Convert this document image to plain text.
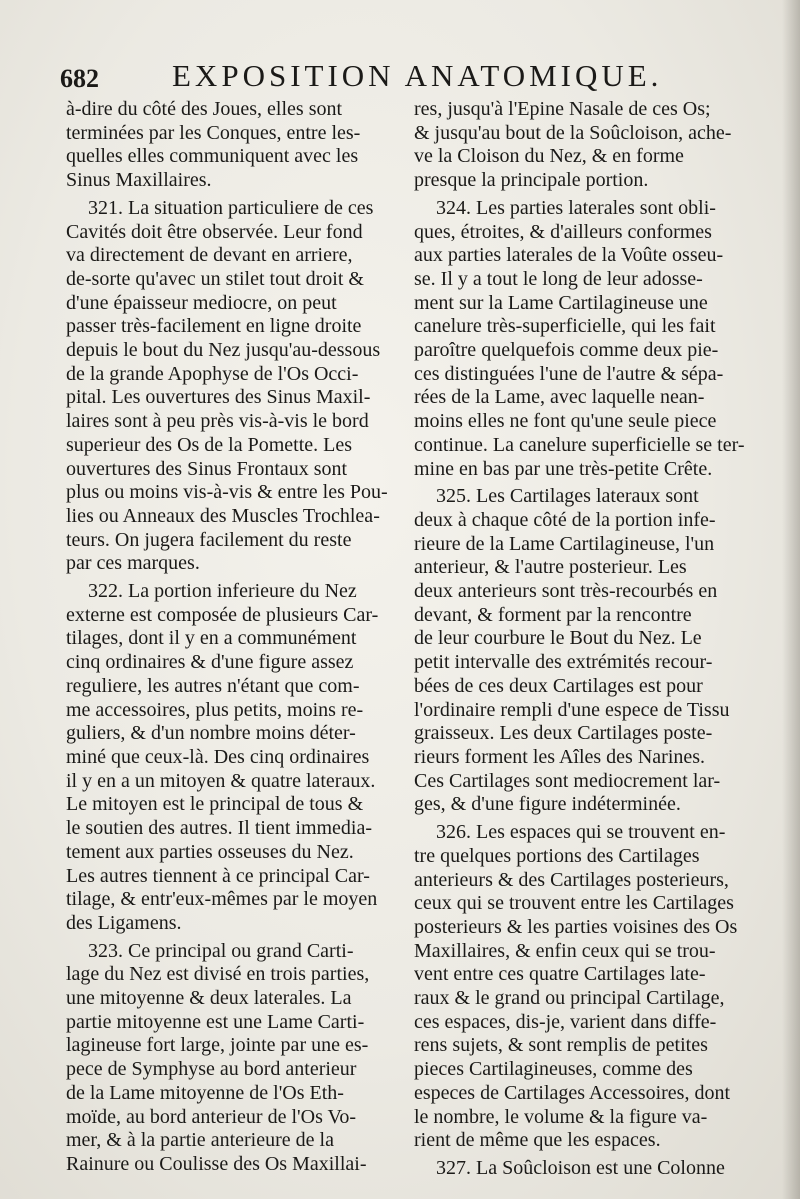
682 EXPOSITION ANATOMIQUE.
à-dire du côté des Joues, elles sont
terminées par les Conques, entre les-
quelles elles communiquent avec les
Sinus Maxillaires.
321. La situation particuliere de ces
Cavités doit être observée. Leur fond
va directement de devant en arriere,
de-sorte qu'avec un stilet tout droit &
d'une épaisseur mediocre, on peut
passer très-facilement en ligne droite
depuis le bout du Nez jusqu'au-dessous
de la grande Apophyse de l'Os Occi-
pital. Les ouvertures des Sinus Maxil-
laires sont à peu près vis-à-vis le bord
superieur des Os de la Pomette. Les
ouvertures des Sinus Frontaux sont
plus ou moins vis-à-vis & entre les Pou-
lies ou Anneaux des Muscles Trochlea-
teurs. On jugera facilement du reste
par ces marques.
322. La portion inferieure du Nez
externe est composée de plusieurs Car-
tilages, dont il y en a communément
cinq ordinaires & d'une figure assez
reguliere, les autres n'étant que com-
me accessoires, plus petits, moins re-
guliers, & d'un nombre moins déter-
miné que ceux-là. Des cinq ordinaires
il y en a un mitoyen & quatre lateraux.
Le mitoyen est le principal de tous &
le soutien des autres. Il tient immedia-
tement aux parties osseuses du Nez.
Les autres tiennent à ce principal Car-
tilage, & entr'eux-mêmes par le moyen
des Ligamens.
323. Ce principal ou grand Carti-
lage du Nez est divisé en trois parties,
une mitoyenne & deux laterales. La
partie mitoyenne est une Lame Carti-
lagineuse fort large, jointe par une es-
pece de Symphyse au bord anterieur
de la Lame mitoyenne de l'Os Eth-
moïde, au bord anterieur de l'Os Vo-
mer, & à la partie anterieure de la
Rainure ou Coulisse des Os Maxillai-
res, jusqu'à l'Epine Nasale de ces Os;
& jusqu'au bout de la Soûcloison, ache-
ve la Cloison du Nez, & en forme
presque la principale portion.
324. Les parties laterales sont obli-
ques, étroites, & d'ailleurs conformes
aux parties laterales de la Voûte osseu-
se. Il y a tout le long de leur adosse-
ment sur la Lame Cartilagineuse une
canelure très-superficielle, qui les fait
paroître quelquefois comme deux pie-
ces distinguées l'une de l'autre & sépa-
rées de la Lame, avec laquelle nean-
moins elles ne font qu'une seule piece
continue. La canelure superficielle se ter-
mine en bas par une très-petite Crête.
325. Les Cartilages lateraux sont
deux à chaque côté de la portion infe-
rieure de la Lame Cartilagineuse, l'un
anterieur, & l'autre posterieur. Les
deux anterieurs sont très-recourbés en
devant, & forment par la rencontre
de leur courbure le Bout du Nez. Le
petit intervalle des extrémités recour-
bées de ces deux Cartilages est pour
l'ordinaire rempli d'une espece de Tissu
graisseux. Les deux Cartilages poste-
rieurs forment les Aîles des Narines.
Ces Cartilages sont mediocrement lar-
ges, & d'une figure indéterminée.
326. Les espaces qui se trouvent en-
tre quelques portions des Cartilages
anterieurs & des Cartilages posterieurs,
ceux qui se trouvent entre les Cartilages
posterieurs & les parties voisines des Os
Maxillaires, & enfin ceux qui se trou-
vent entre ces quatre Cartilages late-
raux & le grand ou principal Cartilage,
ces espaces, dis-je, varient dans diffe-
rens sujets, & sont remplis de petites
pieces Cartilagineuses, comme des
especes de Cartilages Accessoires, dont
le nombre, le volume & la figure va-
rient de même que les espaces.
327. La Soûcloison est une Colonne
